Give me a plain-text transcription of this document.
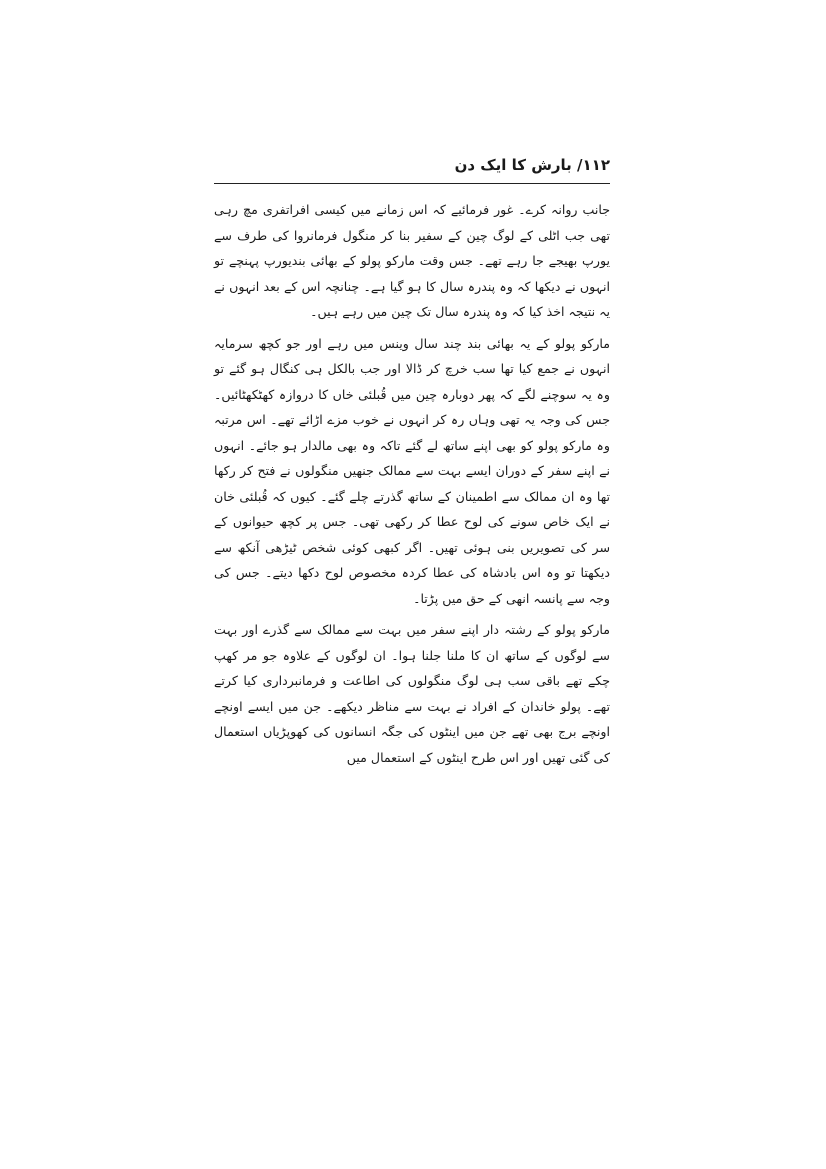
۱۱۲/ بارش کا ایک دن

جانب روانہ کرے۔ غور فرمائیے کہ اس زمانے میں کیسی افراتفری مچ رہی تھی جب اٹلی کے لوگ چین کے سفیر بنا کر منگول فرمانروا کی طرف سے یورپ بھیجے جا رہے تھے۔ جس وقت مارکو پولو کے بھائی بندیورپ پہنچے تو انہوں نے دیکھا کہ وہ پندرہ سال کا ہو گیا ہے۔ چنانچہ اس کے بعد انہوں نے یہ نتیجہ اخذ کیا کہ وہ پندرہ سال تک چین میں رہے ہیں۔

مارکو پولو کے یہ بھائی بند چند سال وینس میں رہے اور جو کچھ سرمایہ انہوں نے جمع کیا تھا سب خرچ کر ڈالا اور جب بالکل ہی کنگال ہو گئے تو وہ یہ سوچنے لگے کہ پھر دوبارہ چین میں قُبلئی خاں کا دروازہ کھٹکھٹائیں۔ جس کی وجہ یہ تھی وہاں رہ کر انہوں نے خوب مزے اڑائے تھے۔ اس مرتبہ وہ مارکو پولو کو بھی اپنے ساتھ لے گئے تاکہ وہ بھی مالدار ہو جائے۔ انہوں نے اپنے سفر کے دوران ایسے بہت سے ممالک جنھیں منگولوں نے فتح کر رکھا تھا وہ ان ممالک سے اطمینان کے ساتھ گذرتے چلے گئے۔ کیوں کہ قُبلئی خان نے ایک خاص سونے کی لوح عطا کر رکھی تھی۔ جس پر کچھ حیوانوں کے سر کی تصویریں بنی ہوئی تھیں۔ اگر کبھی کوئی شخص ٹیڑھی آنکھ سے دیکھتا تو وہ اس بادشاہ کی عطا کردہ مخصوص لوح دکھا دیتے۔ جس کی وجہ سے پانسہ انھی کے حق میں پڑتا۔

مارکو پولو کے رشتہ دار اپنے سفر میں بہت سے ممالک سے گذرے اور بہت سے لوگوں کے ساتھ ان کا ملنا جلنا ہوا۔ ان لوگوں کے علاوہ جو مر کھپ چکے تھے باقی سب ہی لوگ منگولوں کی اطاعت و فرمانبرداری کیا کرتے تھے۔ پولو خاندان کے افراد نے بہت سے مناظر دیکھے۔ جن میں ایسے اونچے اونچے برج بھی تھے جن میں اینٹوں کی جگہ انسانوں کی کھوپڑیاں استعمال کی گئی تھیں اور اس طرح اینٹوں کے استعمال میں
